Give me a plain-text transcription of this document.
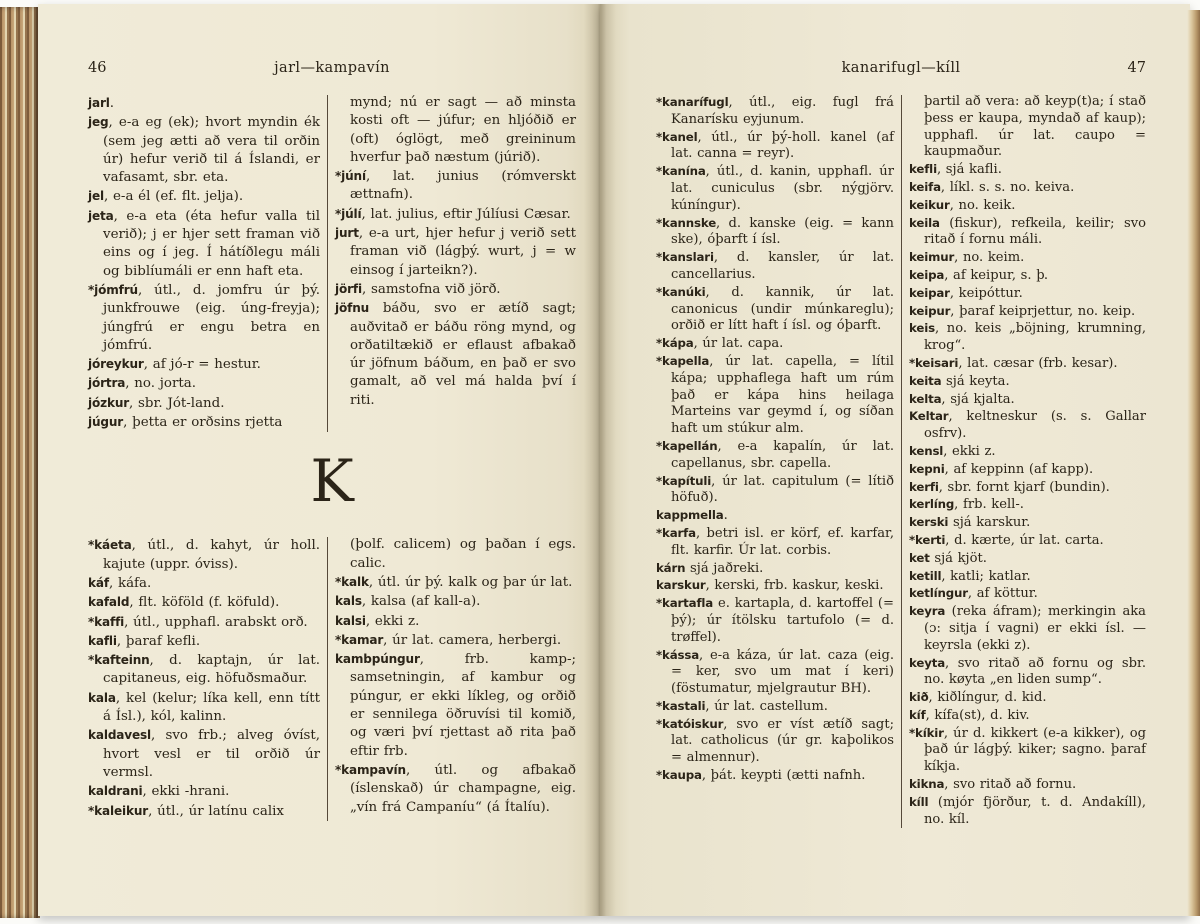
46	jarl—kampavín

jarl.

jeg, e-a eg (ek); hvort myndin ék (sem jeg ætti að vera til orðin úr) hefur verið til á Íslandi, er vafasamt, sbr. eta.

jel, e-a él (ef. flt. jelja).

jeta, e-a eta (éta hefur valla til verið); j er hjer sett framan við eins og í jeg. Í hátíðlegu máli og biblíumáli er enn haft eta.

*jómfrú, útl., d. jomfru úr þý. junkfrouwe (eig. úng-freyja); júngfrú er engu betra en jómfrú.

jóreykur, af jó-r = hestur.

jórtra, no. jorta.

józkur, sbr. Jót-land.

júgur, þetta er orðsins rjetta

mynd; nú er sagt — að minsta kosti oft — júfur; en hljóðið er (oft) óglögt, með greininum hverfur það næstum (júrið).

*júní, lat. junius (rómverskt ættnafn).

*júlí, lat. julius, eftir Júlíusi Cæsar.

jurt, e-a urt, hjer hefur j verið sett framan við (lágþý. wurt, j = w einsog í jarteikn?).

jörfi, samstofna við jörð.

jöfnu báðu, svo er ætíð sagt; auðvitað er báðu röng mynd, og orðatiltækið er eflaust afbakað úr jöfnum báðum, en það er svo gamalt, að vel má halda því í riti.

K

*káeta, útl., d. kahyt, úr holl. kajute (uppr. óviss).

káf, káfa.

kafald, flt. köföld (f. köfuld).

*kaffi, útl., upphafl. arabskt orð.

kafli, þaraf kefli.

*kafteinn, d. kaptajn, úr lat. capitaneus, eig. höfuðsmaður.

kala, kel (kelur; líka kell, enn títt á Ísl.), kól, kalinn.

kaldavesl, svo frb.; alveg óvíst, hvort vesl er til orðið úr vermsl.

kaldrani, ekki -hrani.

*kaleikur, útl., úr latínu calix

(þolf. calicem) og þaðan í egs. calic.

*kalk, útl. úr þý. kalk og þar úr lat.

kals, kalsa (af kall-a).

kalsi, ekki z.

*kamar, úr lat. camera, herbergi.

kambpúngur, frb. kamp-; samsetningin, af kambur og púngur, er ekki líkleg, og orðið er sennilega öðruvísi til komið, og væri því rjettast að rita það eftir frb.

*kampavín, útl. og afbakað (íslenskað) úr champagne, eig. „vín frá Campaníu“ (á Ítalíu).

kanarifugl—kíll	47

*kanarífugl, útl., eig. fugl frá Kanarísku eyjunum.

*kanel, útl., úr þý-holl. kanel (af lat. canna = reyr).

*kanína, útl., d. kanin, upphafl. úr lat. cuniculus (sbr. nýgjörv. kúníngur).

*kannske, d. kanske (eig. = kann ske), óþarft í ísl.

*kanslari, d. kansler, úr lat. cancellarius.

*kanúki, d. kannik, úr lat. canonicus (undir múnkareglu); orðið er lítt haft í ísl. og óþarft.

*kápa, úr lat. capa.

*kapella, úr lat. capella, = lítil kápa; upphaflega haft um rúm það er kápa hins heilaga Marteins var geymd í, og síðan haft um stúkur alm.

*kapellán, e-a kapalín, úr lat. capellanus, sbr. capella.

*kapítuli, úr lat. capitulum (= lítið höfuð).

kappmella.

*karfa, betri isl. er körf, ef. karfar, flt. karfir. Úr lat. corbis.

kárn sjá jaðreki.

karskur, kerski, frb. kaskur, keski.

*kartafla e. kartapla, d. kartoffel (= þý); úr ítölsku tartufolo (= d. trøffel).

*kássa, e-a káza, úr lat. caza (eig. = ker, svo um mat í keri) (föstumatur, mjelgrautur BH).

*kastali, úr lat. castellum.

*katóiskur, svo er víst ætíð sagt; lat. catholicus (úr gr. kaþolikos = almennur).

*kaupa, þát. keypti (ætti nafnh.

þartil að vera: að keyp(t)a; í stað þess er kaupa, myndað af kaup); upphafl. úr lat. caupo = kaupmaður.

kefli, sjá kafli.

keifa, líkl. s. s. no. keiva.

keikur, no. keik.

keila (fiskur), refkeila, keilir; svo ritað í fornu máli.

keimur, no. keim.

keipa, af keipur, s. þ.

keipar, keipóttur.

keipur, þaraf keiprjettur, no. keip.

keis, no. keis „böjning, krumning, krog“.

*keisari, lat. cæsar (frb. kesar).

keita sjá keyta.

kelta, sjá kjalta.

Keltar, keltneskur (s. s. Gallar osfrv).

kensl, ekki z.

kepni, af keppinn (af kapp).

kerfi, sbr. fornt kjarf (bundin).

kerlíng, frb. kell-.

kerski sjá karskur.

*kerti, d. kærte, úr lat. carta.

ket sjá kjöt.

ketill, katli; katlar.

ketlíngur, af köttur.

keyra (reka áfram); merkingin aka (ɔ: sitja í vagni) er ekki ísl. — keyrsla (ekki z).

keyta, svo ritað að fornu og sbr. no. køyta „en liden sump“.

kið, kiðlíngur, d. kid.

kíf, kífa(st), d. kiv.

*kíkir, úr d. kikkert (e-a kikker), og það úr lágþý. kiker; sagno. þaraf kíkja.

kikna, svo ritað að fornu.

kíll (mjór fjörður, t. d. Andakíll), no. kíl.
